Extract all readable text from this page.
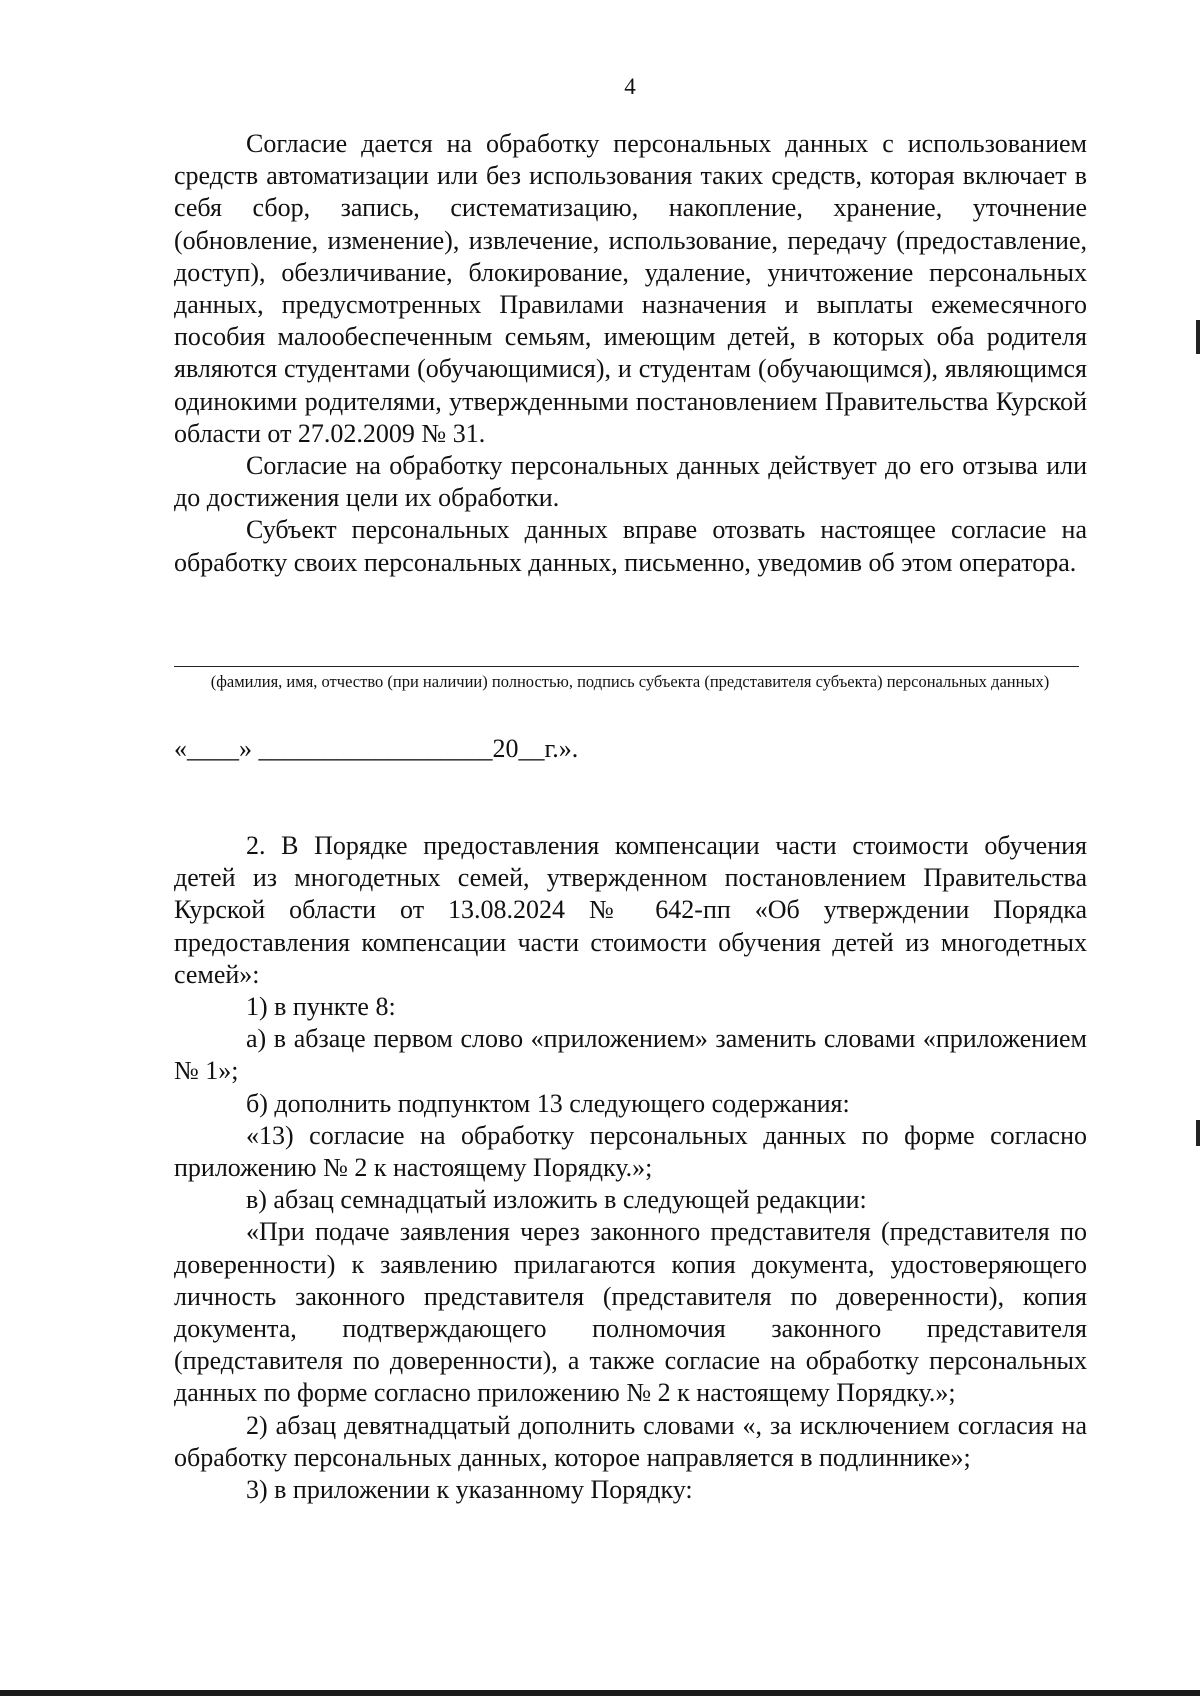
4

Согласие дается на обработку персональных данных с использованием средств автоматизации или без использования таких средств, которая включает в себя сбор, запись, систематизацию, накопление, хранение, уточнение (обновление, изменение), извлечение, использование, передачу (предоставление, доступ), обезличивание, блокирование, удаление, уничтожение персональных данных, предусмотренных Правилами назначения и выплаты ежемесячного пособия малообеспеченным семьям, имеющим детей, в которых оба родителя являются студентами (обучающимися), и студентам (обучающимся), являющимся одинокими родителями, утвержденными постановлением Правительства Курской области от 27.02.2009 № 31.

Согласие на обработку персональных данных действует до его отзыва или до достижения цели их обработки.

Субъект персональных данных вправе отозвать настоящее согласие на обработку своих персональных данных, письменно, уведомив об этом оператора.

(фамилия, имя, отчество (при наличии) полностью, подпись субъекта (представителя субъекта) персональных данных)
«____» __________________20__г.».

2. В Порядке предоставления компенсации части стоимости обучения детей из многодетных семей, утвержденном постановлением Правительства Курской области от 13.08.2024 № 642-пп «Об утверждении Порядка предоставления компенсации части стоимости обучения детей из многодетных семей»:

1) в пункте 8:

а) в абзаце первом слово «приложением» заменить словами «приложением № 1»;

б) дополнить подпунктом 13 следующего содержания:

«13) согласие на обработку персональных данных по форме согласно приложению № 2 к настоящему Порядку.»;

в) абзац семнадцатый изложить в следующей редакции:

«При подаче заявления через законного представителя (представителя по доверенности) к заявлению прилагаются копия документа, удостоверяющего личность законного представителя (представителя по доверенности), копия документа, подтверждающего полномочия законного представителя (представителя по доверенности), а также согласие на обработку персональных данных по форме согласно приложению № 2 к настоящему Порядку.»;

2) абзац девятнадцатый дополнить словами «, за исключением согласия на обработку персональных данных, которое направляется в подлиннике»;

3) в приложении к указанному Порядку:
